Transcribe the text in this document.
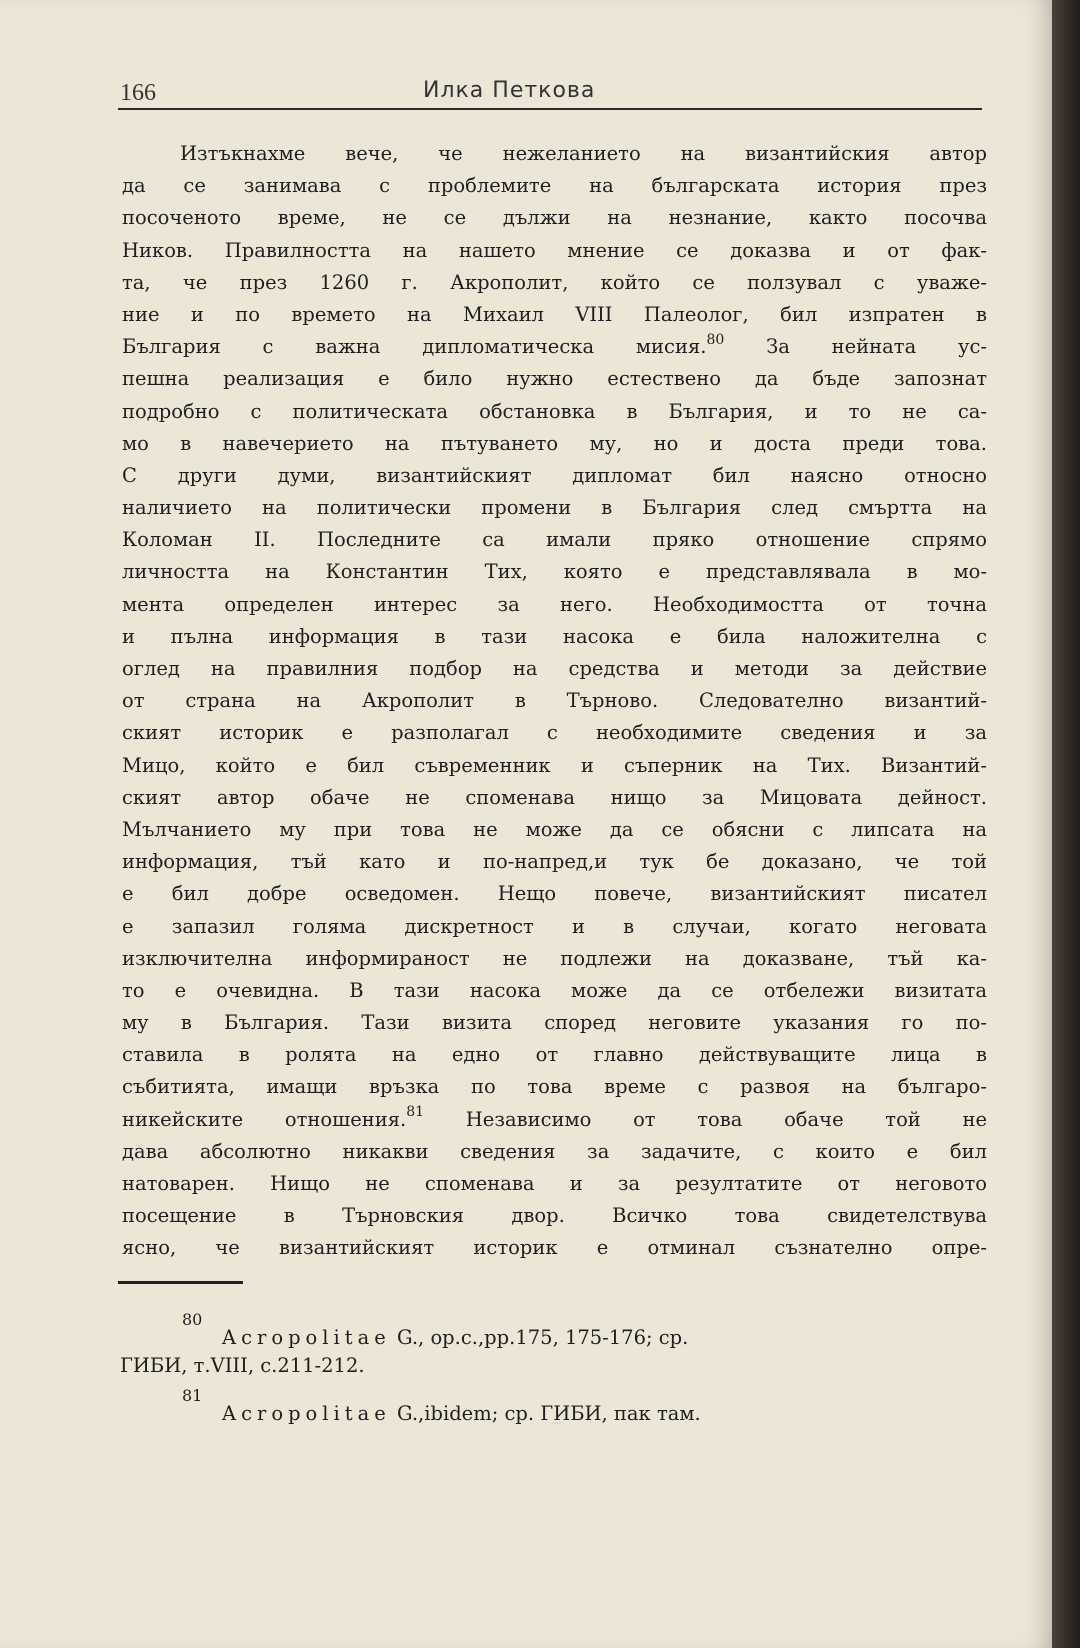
166	Илка Петкова
Изтъкнахме вече, че нежеланието на византийския автор
да се занимава с проблемите на българската история през
посоченото време, не се дължи на незнание, както посочва
Ников. Правилността на нашето мнение се доказва и от фак-
та, че през 1260 г. Акрополит, който се ползувал с уваже-
ние и по времето на Михаил VIII Палеолог, бил изпратен в
България с важна дипломатическа мисия.$^{80}$ За нейната ус-
пешна реализация е било нужно естествено да бъде запознат
подробно с политическата обстановка в България, и то не са-
мо в навечерието на пътуването му, но и доста преди това.
С други думи, византийският дипломат бил наясно относно
наличието на политически промени в България след смъртта на
Коломан II. Последните са имали пряко отношение спрямо
личността на Константин Тих, която е представлявала в мо-
мента определен интерес за него. Необходимостта от точна
и пълна информация в тази насока е била наложителна с
оглед на правилния подбор на средства и методи за действие
от страна на Акрополит в Търново. Следователно византий-
ският историк е разполагал с необходимите сведения и за
Мицо, който е бил съвременник и съперник на Тих. Византий-
ският автор обаче не споменава нищо за Мицовата дейност.
Мълчанието му при това не може да се обясни с липсата на
информация, тъй като и по-напред,и тук бе доказано, че той
е бил добре осведомен. Нещо повече, византийският писател
е запазил голяма дискретност и в случаи, когато неговата
изключителна информираност не подлежи на доказване, тъй ка-
то е очевидна. В тази насока може да се отбележи визитата
му в България. Тази визита според неговите указания го по-
ставила в ролята на едно от главно действуващите лица в
събитията, имащи връзка по това време с развоя на българо-
никейските отношения.$^{81}$ Независимо от това обаче той не
дава абсолютно никакви сведения за задачите, с които е бил
натоварен. Нищо не споменава и за резултатите от неговото
посещение в Търновския двор. Всичко това свидетелствува
ясно, че византийският историк е отминал съзнателно опре-
80
Acropolitae G., op.c.,pp.175, 175-176; ср.
ГИБИ, т.VIII, с.211-212.
81
Acropolitae G.,ibidem; ср. ГИБИ, пак там.
